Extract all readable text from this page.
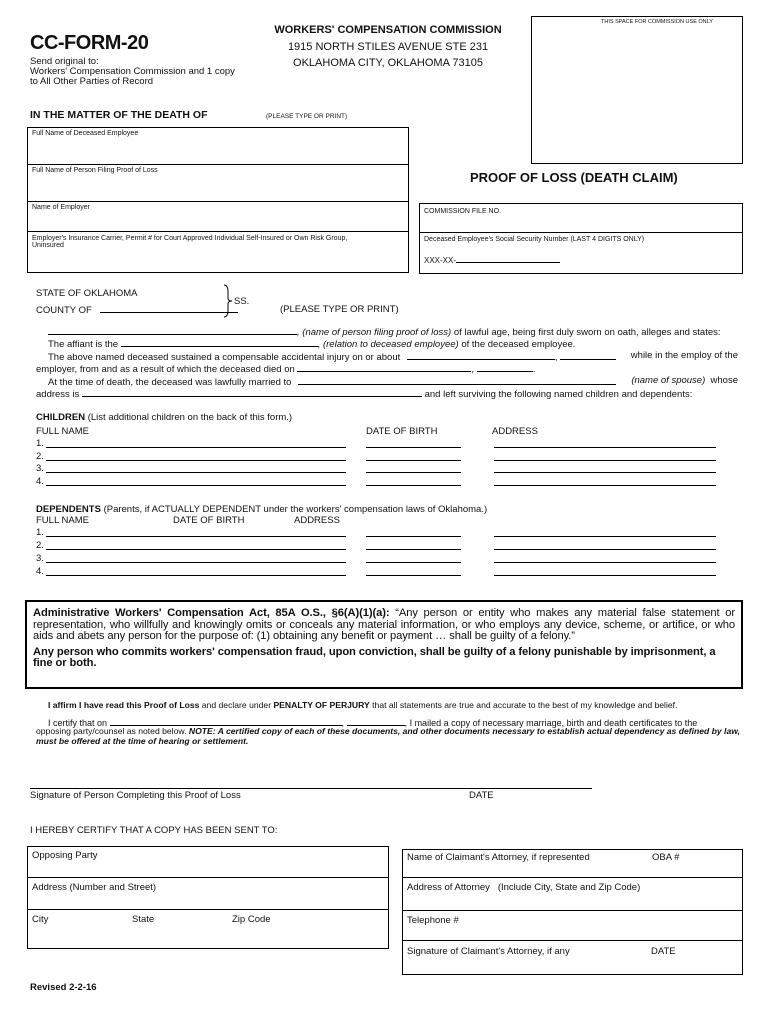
CC-FORM-20
Send original to:
Workers' Compensation Commission and 1 copy
to All Other Parties of Record
WORKERS' COMPENSATION COMMISSION
1915 NORTH STILES AVENUE STE 231
OKLAHOMA CITY, OKLAHOMA 73105
THIS SPACE FOR COMMISSION USE ONLY
IN THE MATTER OF THE DEATH OF	(PLEASE TYPE OR PRINT)
Full Name of Deceased Employee
Full Name of Person Filing Proof of Loss
Name of Employer
Employer's Insurance Carrier, Permit # for Court Approved Individual Self-Insured or Own Risk Group,
Uninsured
PROOF OF LOSS (DEATH CLAIM)
COMMISSION FILE NO.
Deceased Employee's Social Security Number (LAST 4 DIGITS ONLY)
XXX-XX-
STATE OF OKLAHOMA
COUNTY OF
SS.
(PLEASE TYPE OR PRINT)
, (name of person filing proof of loss) of lawful age, being first duly sworn on oath, alleges and states:
The affiant is the	, (relation to deceased employee) of the deceased employee.
The above named deceased sustained a compensable accidental injury on or about	,	while in the employ of the
employer, from and as a result of which the deceased died on	,	.
At the time of death, the deceased was lawfully married to	(name of spouse) whose
address is	and left surviving the following named children and dependents:
CHILDREN (List additional children on the back of this form.)
FULL NAME	DATE OF BIRTH	ADDRESS
1.
2.
3.
4.
DEPENDENTS (Parents, if ACTUALLY DEPENDENT under the workers' compensation laws of Oklahoma.)
FULL NAME	DATE OF BIRTH	ADDRESS
1.
2.
3.
4.
Administrative Workers' Compensation Act, 85A O.S., §6(A)(1)(a): “Any person or entity who makes any material false statement or representation, who willfully and knowingly omits or conceals any material information, or who employs any device, scheme, or artifice, or who aids and abets any person for the purpose of: (1) obtaining any benefit or payment … shall be guilty of a felony.”
Any person who commits workers' compensation fraud, upon conviction, shall be guilty of a felony punishable by imprisonment, a fine or both.
I affirm I have read this Proof of Loss and declare under PENALTY OF PERJURY that all statements are true and accurate to the best of my knowledge and belief.
I certify that on	,	, I mailed a copy of necessary marriage, birth and death certificates to the
opposing party/counsel as noted below. NOTE: A certified copy of each of these documents, and other documents necessary to establish actual dependency as defined by law, must be offered at the time of hearing or settlement.
Signature of Person Completing this Proof of Loss	DATE
I HEREBY CERTIFY THAT A COPY HAS BEEN SENT TO:
Opposing Party
Address (Number and Street)
City	State	Zip Code
Name of Claimant's Attorney, if represented	OBA #
Address of Attorney (Include City, State and Zip Code)
Telephone #
Signature of Claimant's Attorney, if any	DATE
Revised 2-2-16
